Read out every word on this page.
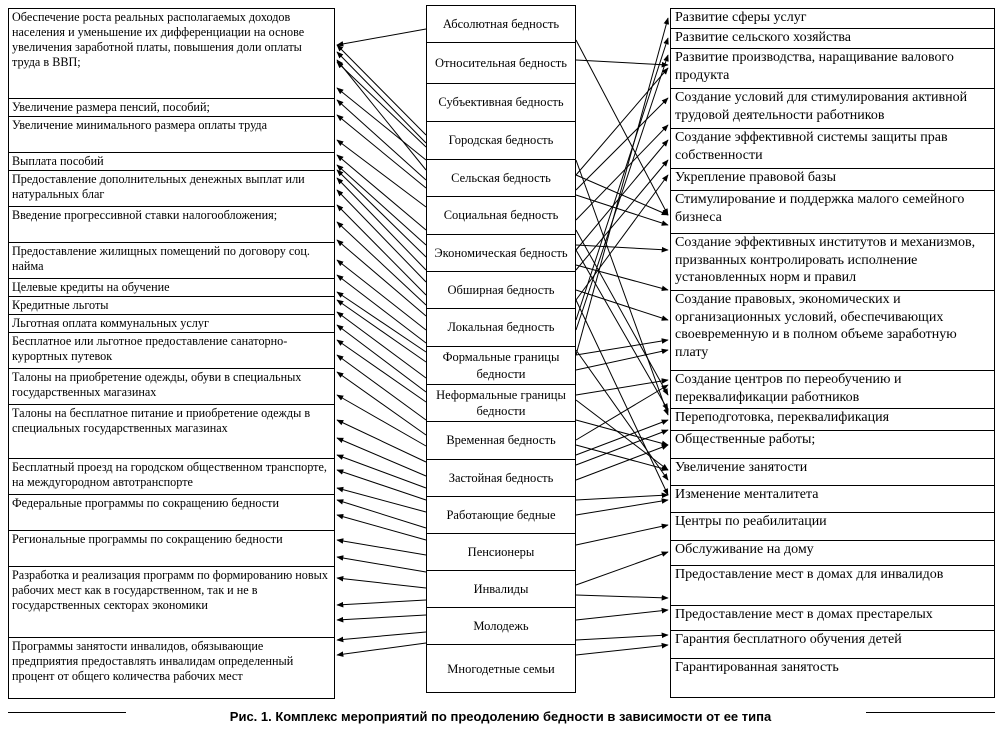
Обеспечение роста реальных располагаемых доходов населения и уменьшение их дифференциации на основе увеличения заработной платы, повышения доли оплаты труда в ВВП;
Увеличение размера пенсий, пособий;
Увеличение минимального размера оплаты труда
Выплата пособий
Предоставление дополнительных денежных выплат или натуральных благ
Введение прогрессивной ставки налогообложения;
Предоставление жилищных помещений по договору соц. найма
Целевые кредиты на обучение
Кредитные льготы
Льготная оплата коммунальных услуг
Бесплатное или льготное предоставление санаторно-курортных путевок
Талоны на приобретение одежды, обуви в специальных государственных магазинах
Талоны на бесплатное питание и приобретение одежды в специальных государственных магазинах
Бесплатный проезд на городском общественном транспорте, на междугородном автотранспорте
Федеральные программы по сокращению бедности
Региональные программы по сокращению бедности
Разработка и реализация программ по формированию новых рабочих мест как в государственном, так и не в государственных секторах экономики
Программы занятости инвалидов, обязывающие предприятия предоставлять инвалидам определенный процент от общего количества рабочих мест
Абсолютная бедность
Относительная бедность
Субъективная бедность
Городская бедность
Сельская бедность
Социальная бедность
Экономическая бедность
Обширная бедность
Локальная бедность
Формальные границы бедности
Неформальные границы бедности
Временная бедность
Застойная бедность
Работающие бедные
Пенсионеры
Инвалиды
Молодежь
Многодетные семьи
Развитие сферы услуг
Развитие сельского хозяйства
Развитие производства, наращивание валового продукта
Создание условий для стимулирования активной трудовой деятельности работников
Создание эффективной системы защиты прав собственности
Укрепление правовой базы
Стимулирование и поддержка малого семейного бизнеса
Создание эффективных институтов и механизмов, призванных контролировать исполнение установленных норм и правил
Создание правовых, экономических и организационных условий, обеспечивающих своевременную и в полном объеме заработную плату
Создание центров по переобучению и переквалификации работников
Переподготовка, переквалификация
Общественные работы;
Увеличение занятости
Изменение менталитета
Центры по реабилитации
Обслуживание на дому
Предоставление мест в домах для инвалидов
Предоставление мест в домах престарелых
Гарантия бесплатного обучения детей
Гарантированная занятость
Рис. 1. Комплекс мероприятий по преодолению бедности в зависимости от ее типа
